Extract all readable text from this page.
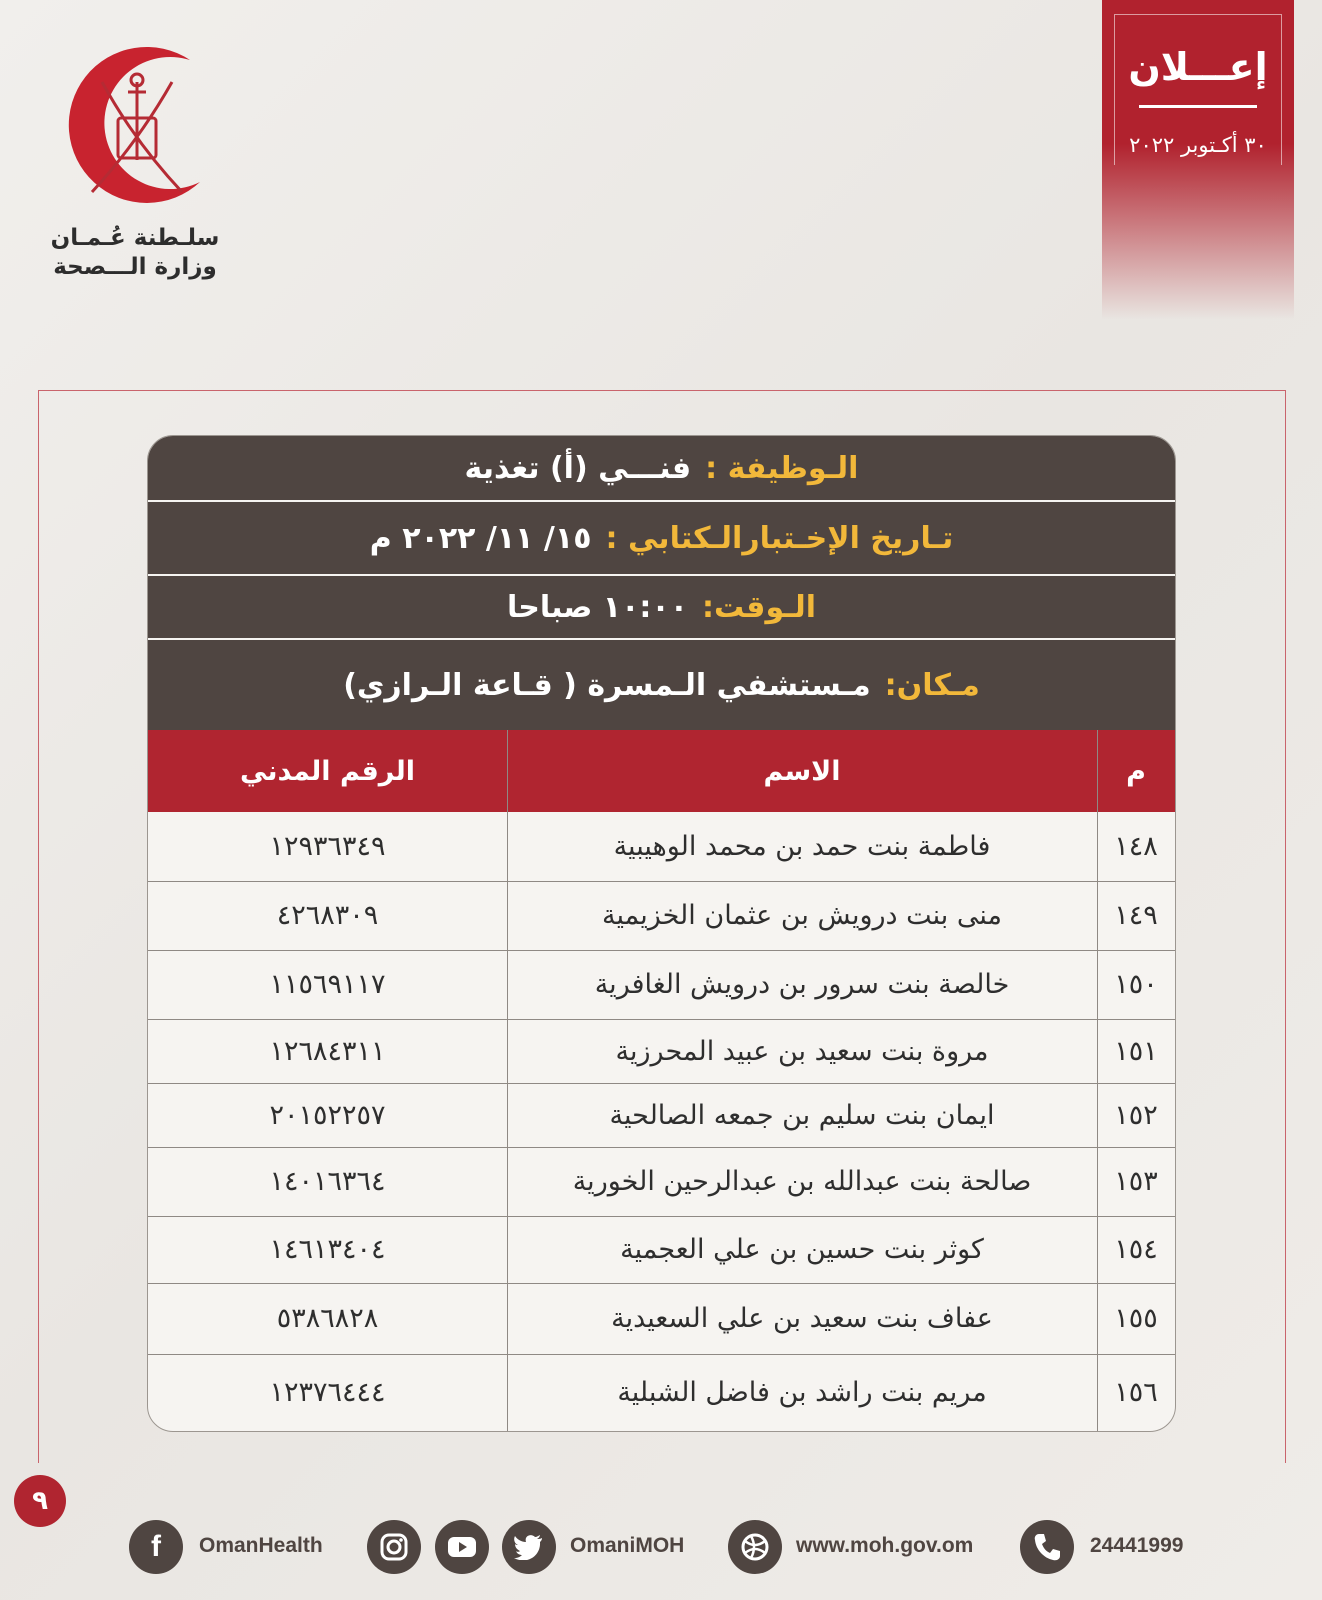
إعـــلان
٣٠ أكـتوبر ٢٠٢٢
سلـطنة عُـمـان
وزارة الـــصحة
الـوظيفة :
فنـــي (أ) تغذية
تـاريخ الإخـتبارالـكتابي :
١٥/ ١١/ ٢٠٢٢ م
الـوقت:
١٠:٠٠ صباحا
مـكان:
مـستشفي الـمسرة ( قـاعة الـرازي)
الرقم المدني	الاسم	م
١٢٩٣٦٣٤٩	فاطمة بنت حمد بن محمد الوهيبية	١٤٨
٤٢٦٨٣٠٩	منى بنت درويش بن عثمان الخزيمية	١٤٩
١١٥٦٩١١٧	خالصة بنت سرور بن درويش الغافرية	١٥٠
١٢٦٨٤٣١١	مروة بنت سعيد بن عبيد المحرزية	١٥١
٢٠١٥٢٢٥٧	ايمان بنت سليم بن جمعه الصالحية	١٥٢
١٤٠١٦٣٦٤	صالحة بنت عبدالله بن عبدالرحين الخورية	١٥٣
١٤٦١٣٤٠٤	كوثر بنت حسين بن علي العجمية	١٥٤
٥٣٨٦٨٢٨	عفاف بنت سعيد بن علي السعيدية	١٥٥
١٢٣٧٦٤٤٤	مريم بنت راشد بن فاضل الشبلية	١٥٦
٩
f OmanHealth	OmaniMOH	www.moh.gov.om	24441999
